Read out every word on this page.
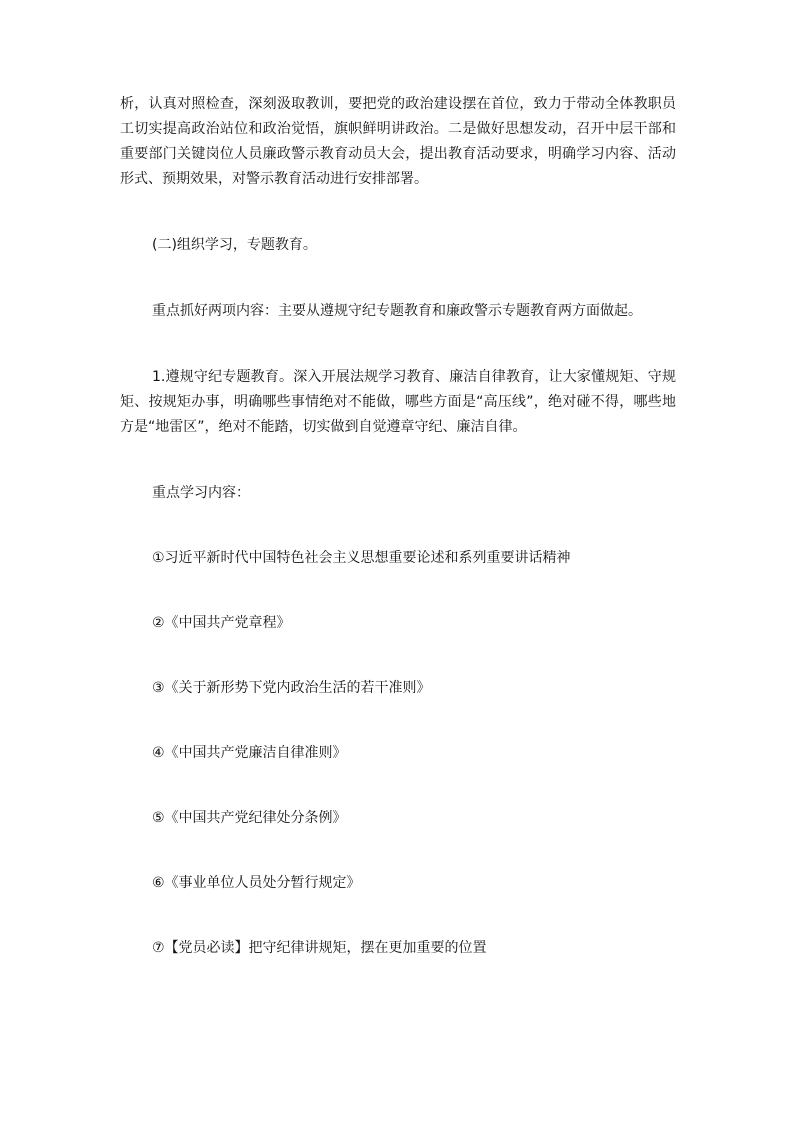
析，认真对照检查，深刻汲取教训，要把党的政治建设摆在首位，致力于带动全体教职员工切实提高政治站位和政治觉悟，旗帜鲜明讲政治。二是做好思想发动，召开中层干部和重要部门关键岗位人员廉政警示教育动员大会，提出教育活动要求，明确学习内容、活动形式、预期效果，对警示教育活动进行安排部署。

(二)组织学习，专题教育。

重点抓好两项内容：主要从遵规守纪专题教育和廉政警示专题教育两方面做起。

1.遵规守纪专题教育。深入开展法规学习教育、廉洁自律教育，让大家懂规矩、守规矩、按规矩办事，明确哪些事情绝对不能做，哪些方面是“高压线”，绝对碰不得，哪些地方是“地雷区”，绝对不能踏，切实做到自觉遵章守纪、廉洁自律。

重点学习内容：

①习近平新时代中国特色社会主义思想重要论述和系列重要讲话精神

②《中国共产党章程》

③《关于新形势下党内政治生活的若干准则》

④《中国共产党廉洁自律准则》

⑤《中国共产党纪律处分条例》

⑥《事业单位人员处分暂行规定》

⑦【党员必读】把守纪律讲规矩，摆在更加重要的位置
